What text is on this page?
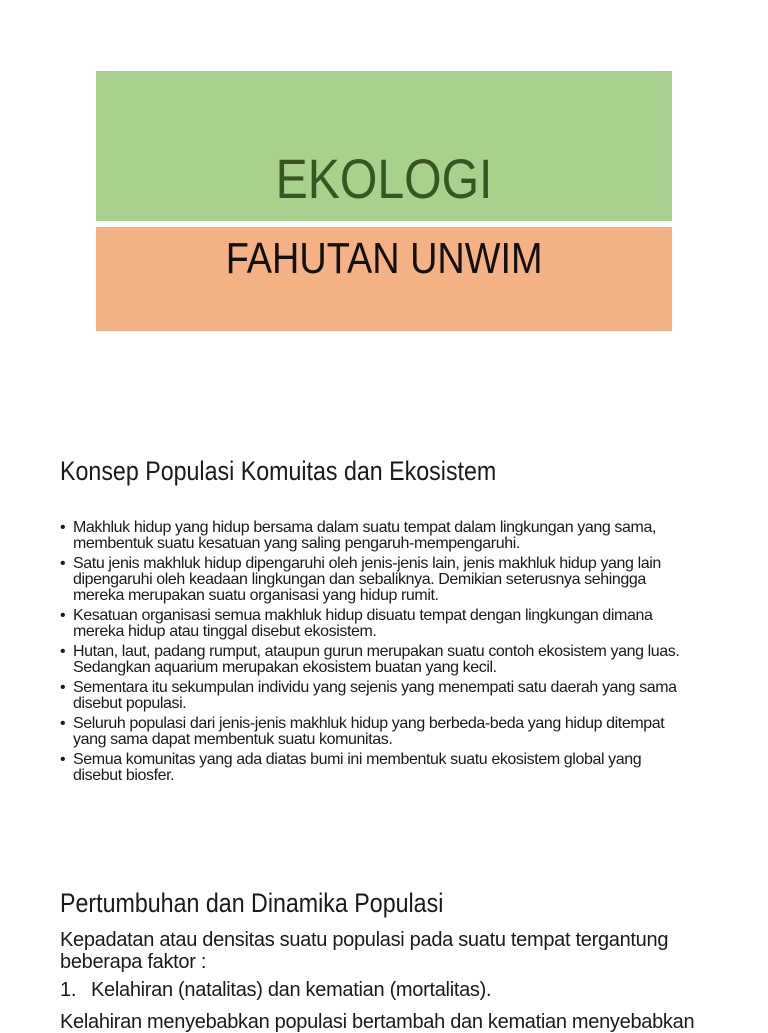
EKOLOGI
FAHUTAN UNWIM
Konsep Populasi Komuitas dan Ekosistem
• Makhluk hidup yang hidup bersama dalam suatu tempat dalam lingkungan yang sama,
membentuk suatu kesatuan yang saling pengaruh-mempengaruhi.
• Satu jenis makhluk hidup dipengaruhi oleh jenis-jenis lain, jenis makhluk hidup yang lain
dipengaruhi oleh keadaan lingkungan dan sebaliknya. Demikian seterusnya sehingga
mereka merupakan suatu organisasi yang hidup rumit.
• Kesatuan organisasi semua makhluk hidup disuatu tempat dengan lingkungan dimana
mereka hidup atau tinggal disebut ekosistem.
• Hutan, laut, padang rumput, ataupun gurun merupakan suatu contoh ekosistem yang luas.
Sedangkan aquarium merupakan ekosistem buatan yang kecil.
• Sementara itu sekumpulan individu yang sejenis yang menempati satu daerah yang sama
disebut populasi.
• Seluruh populasi dari jenis-jenis makhluk hidup yang berbeda-beda yang hidup ditempat
yang sama dapat membentuk suatu komunitas.
• Semua komunitas yang ada diatas bumi ini membentuk suatu ekosistem global yang
disebut biosfer.
Pertumbuhan dan Dinamika Populasi
Kepadatan atau densitas suatu populasi pada suatu tempat tergantung
beberapa faktor :
1. Kelahiran (natalitas) dan kematian (mortalitas).
Kelahiran menyebabkan populasi bertambah dan kematian menyebabkan
